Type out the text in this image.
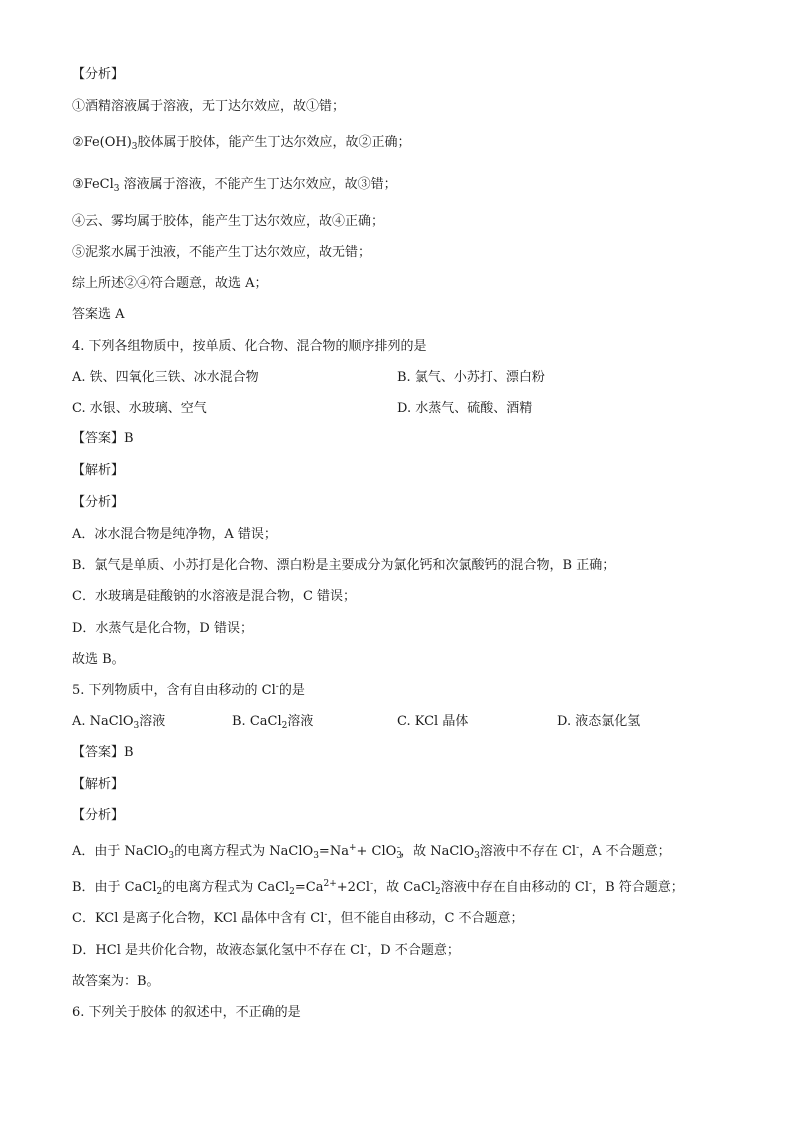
【分析】

①酒精溶液属于溶液，无丁达尔效应，故①错；

$②Fe(OH)_3$胶体属于胶体，能产生丁达尔效应，故②正确；

③FeCl$_3$ 溶液属于溶液，不能产生丁达尔效应，故③错；

④云、雾均属于胶体，能产生丁达尔效应，故④正确；

⑤泥浆水属于浊液，不能产生丁达尔效应，故无错；

综上所述②④符合题意，故选 A；

答案选 A

4. 下列各组物质中，按单质、化合物、混合物的顺序排列的是

A. 铁、四氧化三铁、冰水混合物	B. 氯气、小苏打、漂白粉

C. 水银、水玻璃、空气	D. 水蒸气、硫酸、酒精

【答案】B

【解析】

【分析】

A．冰水混合物是纯净物，A 错误；

B．氯气是单质、小苏打是化合物、漂白粉是主要成分为氯化钙和次氯酸钙的混合物，B 正确；

C．水玻璃是硅酸钠的水溶液是混合物，C 错误；

D．水蒸气是化合物，D 错误；

故选 B。

5. 下列物质中，含有自由移动的 Cl-的是

A. NaClO$_3$溶液	B. CaCl$_2$溶液	C. KCl 晶体	D. 液态氯化氢

【答案】B

【解析】

【分析】

A．由于 NaClO$_3$的电离方程式为 NaClO$_3$=Na++ ClO$_3$-，故 NaClO$_3$溶液中不存在 Cl-，A 不合题意；

B．由于 CaCl$_2$的电离方程式为 $CaCl_2=Ca^{2+}+2Cl^-$，故 CaCl$_2$溶液中存在自由移动的 Cl-，B 符合题意；

C．KCl 是离子化合物，KCl 晶体中含有 Cl-，但不能自由移动，C 不合题意；

D．HCl 是共价化合物，故液态氯化氢中不存在 Cl-，D 不合题意；

故答案为：B。

6. 下列关于胶体 的叙述中，不正确的是
